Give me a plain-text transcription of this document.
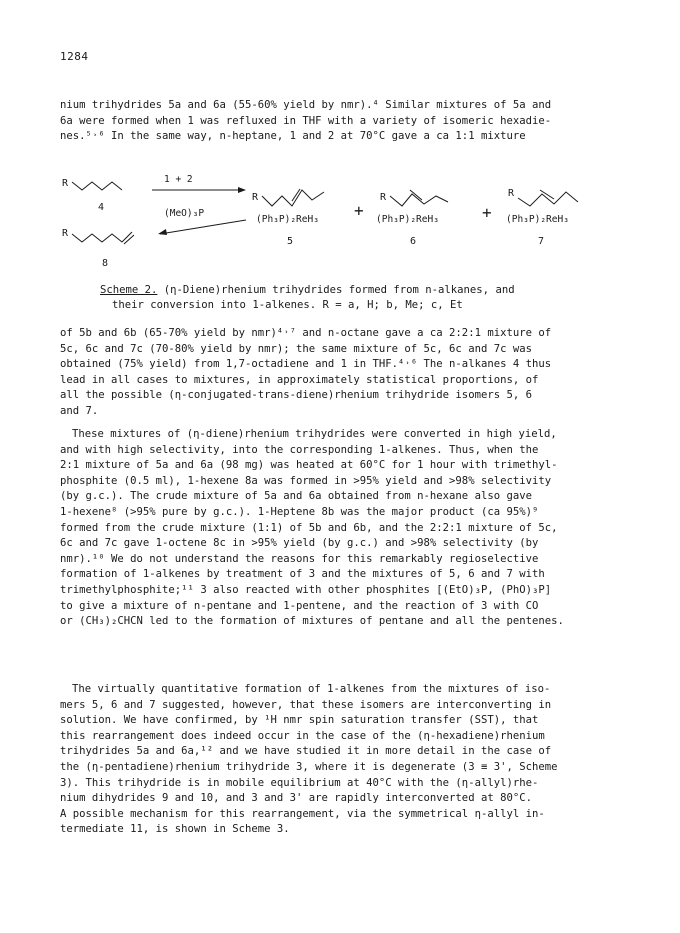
1284
nium trihydrides 5a and 6a (55-60% yield by nmr).⁴ Similar mixtures of 5a and
6a were formed when 1 was refluxed in THF with a variety of isomeric hexadie-
nes.⁵˒⁶ In the same way, n-heptane, 1 and 2 at 70°C gave a ca 1:1 mixture
R
4
R
8
1 + 2
(MeO)₃P
R
(Ph₃P)₂ReH₃
5
+
R
(Ph₃P)₂ReH₃
6
+
R
(Ph₃P)₂ReH₃
7
Scheme 2. (η-Diene)rhenium trihydrides formed from n-alkanes, and
their conversion into 1-alkenes. R = a, H; b, Me; c, Et
of 5b and 6b (65-70% yield by nmr)⁴˒⁷ and n-octane gave a ca 2:2:1 mixture of
5c, 6c and 7c (70-80% yield by nmr); the same mixture of 5c, 6c and 7c was
obtained (75% yield) from 1,7-octadiene and 1 in THF.⁴˒⁶ The n-alkanes 4 thus
lead in all cases to mixtures, in approximately statistical proportions, of
all the possible (η-conjugated-trans-diene)rhenium trihydride isomers 5, 6
and 7.
These mixtures of (η-diene)rhenium trihydrides were converted in high yield,
and with high selectivity, into the corresponding 1-alkenes. Thus, when the
2:1 mixture of 5a and 6a (98 mg) was heated at 60°C for 1 hour with trimethyl-
phosphite (0.5 ml), 1-hexene 8a was formed in >95% yield and >98% selectivity
(by g.c.). The crude mixture of 5a and 6a obtained from n-hexane also gave
1-hexene⁸ (>95% pure by g.c.). 1-Heptene 8b was the major product (ca 95%)⁹
formed from the crude mixture (1:1) of 5b and 6b, and the 2:2:1 mixture of 5c,
6c and 7c gave 1-octene 8c in >95% yield (by g.c.) and >98% selectivity (by
nmr).¹⁰ We do not understand the reasons for this remarkably regioselective
formation of 1-alkenes by treatment of 3 and the mixtures of 5, 6 and 7 with
trimethylphosphite;¹¹ 3 also reacted with other phosphites [(EtO)₃P, (PhO)₃P]
to give a mixture of n-pentane and 1-pentene, and the reaction of 3 with CO
or (CH₃)₂CHCN led to the formation of mixtures of pentane and all the pentenes.
The virtually quantitative formation of 1-alkenes from the mixtures of iso-
mers 5, 6 and 7 suggested, however, that these isomers are interconverting in
solution. We have confirmed, by ¹H nmr spin saturation transfer (SST), that
this rearrangement does indeed occur in the case of the (η-hexadiene)rhenium
trihydrides 5a and 6a,¹² and we have studied it in more detail in the case of
the (η-pentadiene)rhenium trihydride 3, where it is degenerate (3 ≡ 3', Scheme
3). This trihydride is in mobile equilibrium at 40°C with the (η-allyl)rhe-
nium dihydrides 9 and 10, and 3 and 3' are rapidly interconverted at 80°C.
A possible mechanism for this rearrangement, via the symmetrical η-allyl in-
termediate 11, is shown in Scheme 3.
